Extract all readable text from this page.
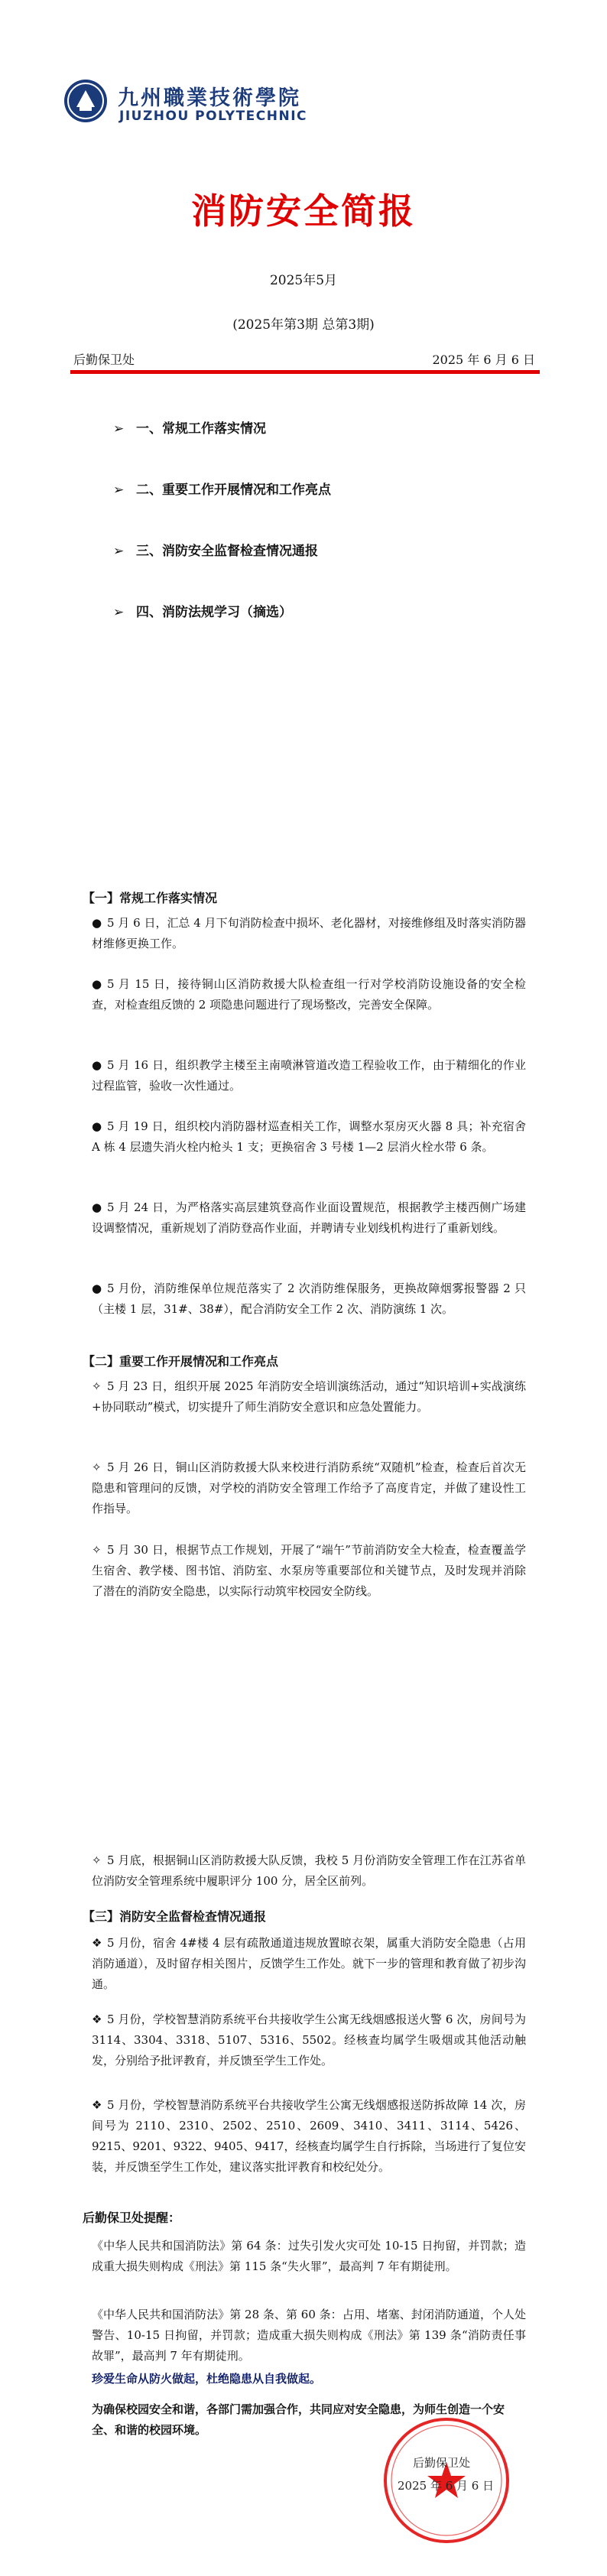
九州職業技術學院
JIUZHOU POLYTECHNIC
消防安全简报
2025年5月
(2025年第3期 总第3期)
后勤保卫处	2025 年 6 月 6 日
➢ 一、常规工作落实情况
➢ 二、重要工作开展情况和工作亮点
➢ 三、消防安全监督检查情况通报
➢ 四、消防法规学习（摘选）
【一】常规工作落实情况
● 5 月 6 日，汇总 4 月下旬消防检查中损坏、老化器材，对接维修组及时落实消防器材维修更换工作。
● 5 月 15 日，接待铜山区消防救援大队检查组一行对学校消防设施设备的安全检查，对检查组反馈的 2 项隐患问题进行了现场整改，完善安全保障。
● 5 月 16 日，组织教学主楼至主南喷淋管道改造工程验收工作，由于精细化的作业过程监管，验收一次性通过。
● 5 月 19 日，组织校内消防器材巡查相关工作，调整水泵房灭火器 8 具；补充宿舍 A 栋 4 层遗失消火栓内枪头 1 支；更换宿舍 3 号楼 1—2 层消火栓水带 6 条。
● 5 月 24 日，为严格落实高层建筑登高作业面设置规范，根据教学主楼西侧广场建设调整情况，重新规划了消防登高作业面，并聘请专业划线机构进行了重新划线。
● 5 月份，消防维保单位规范落实了 2 次消防维保服务，更换故障烟雾报警器 2 只（主楼 1 层，31#、38#），配合消防安全工作 2 次、消防演练 1 次。
【二】重要工作开展情况和工作亮点
✧ 5 月 23 日，组织开展 2025 年消防安全培训演练活动，通过“知识培训+实战演练+协同联动”模式，切实提升了师生消防安全意识和应急处置能力。
✧ 5 月 26 日，铜山区消防救援大队来校进行消防系统“双随机”检查，检查后首次无隐患和管理问的反馈，对学校的消防安全管理工作给予了高度肯定，并做了建设性工作指导。
✧ 5 月 30 日，根据节点工作规划，开展了“端午”节前消防安全大检查，检查覆盖学生宿舍、教学楼、图书馆、消防室、水泵房等重要部位和关键节点，及时发现并消除了潜在的消防安全隐患，以实际行动筑牢校园安全防线。
✧ 5 月底，根据铜山区消防救援大队反馈，我校 5 月份消防安全管理工作在江苏省单位消防安全管理系统中履职评分 100 分，居全区前列。
【三】消防安全监督检查情况通报
❖ 5 月份，宿舍 4#楼 4 层有疏散通道违规放置晾衣架，属重大消防安全隐患（占用消防通道），及时留存相关图片，反馈学生工作处。就下一步的管理和教育做了初步沟通。
❖ 5 月份，学校智慧消防系统平台共接收学生公寓无线烟感报送火警 6 次，房间号为 3114、3304、3318、5107、5316、5502。经核查均属学生吸烟或其他活动触发，分别给予批评教育，并反馈至学生工作处。
❖ 5 月份，学校智慧消防系统平台共接收学生公寓无线烟感报送防拆故障 14 次，房间号为 2110、2310、2502、2510、2609、3410、3411、3114、5426、9215、9201、9322、9405、9417，经核查均属学生自行拆除，当场进行了复位安装，并反馈至学生工作处，建议落实批评教育和校纪处分。
后勤保卫处提醒：
《中华人民共和国消防法》第 64 条：过失引发火灾可处 10-15 日拘留，并罚款；造成重大损失则构成《刑法》第 115 条“失火罪”，最高判 7 年有期徒刑。
《中华人民共和国消防法》第 28 条、第 60 条：占用、堵塞、封闭消防通道，个人处警告、10-15 日拘留，并罚款；造成重大损失则构成《刑法》第 139 条“消防责任事故罪”，最高判 7 年有期徒刑。
珍爱生命从防火做起，杜绝隐患从自我做起。
为确保校园安全和谐，各部门需加强合作，共同应对安全隐患，为师生创造一个安全、和谐的校园环境。
后勤保卫处
2025 年 6 月 6 日
